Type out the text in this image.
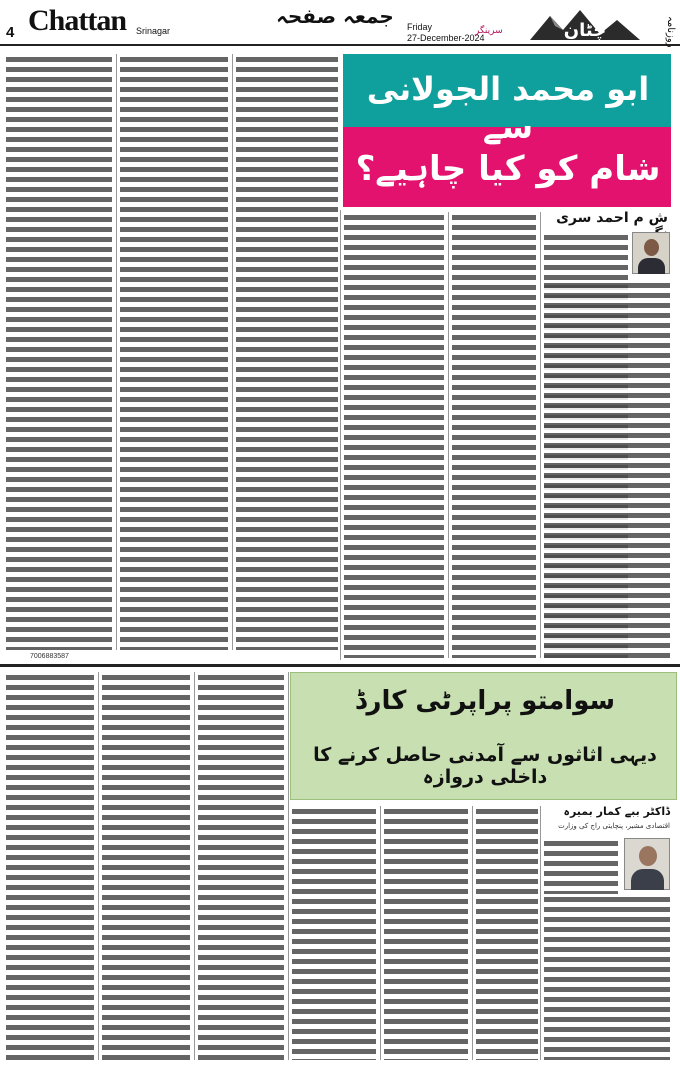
4 Chattan Srinagar
جمعہ صفحہ	Friday
27-December-2024
سرینگر	چٹان	روزنامہ
ابو محمد الجولانی سے
شام کو کیا چاہیے؟
ش م احمد سری
7006883587
سوامتو پراپرٹی کارڈ
دیہی اثاثوں سے آمدنی حاصل کرنے کا داخلی دروازہ
ڈاکٹر ببے کمار بمیرہ
اقتصادی مشیر، پنچایتی راج کی وزارت
